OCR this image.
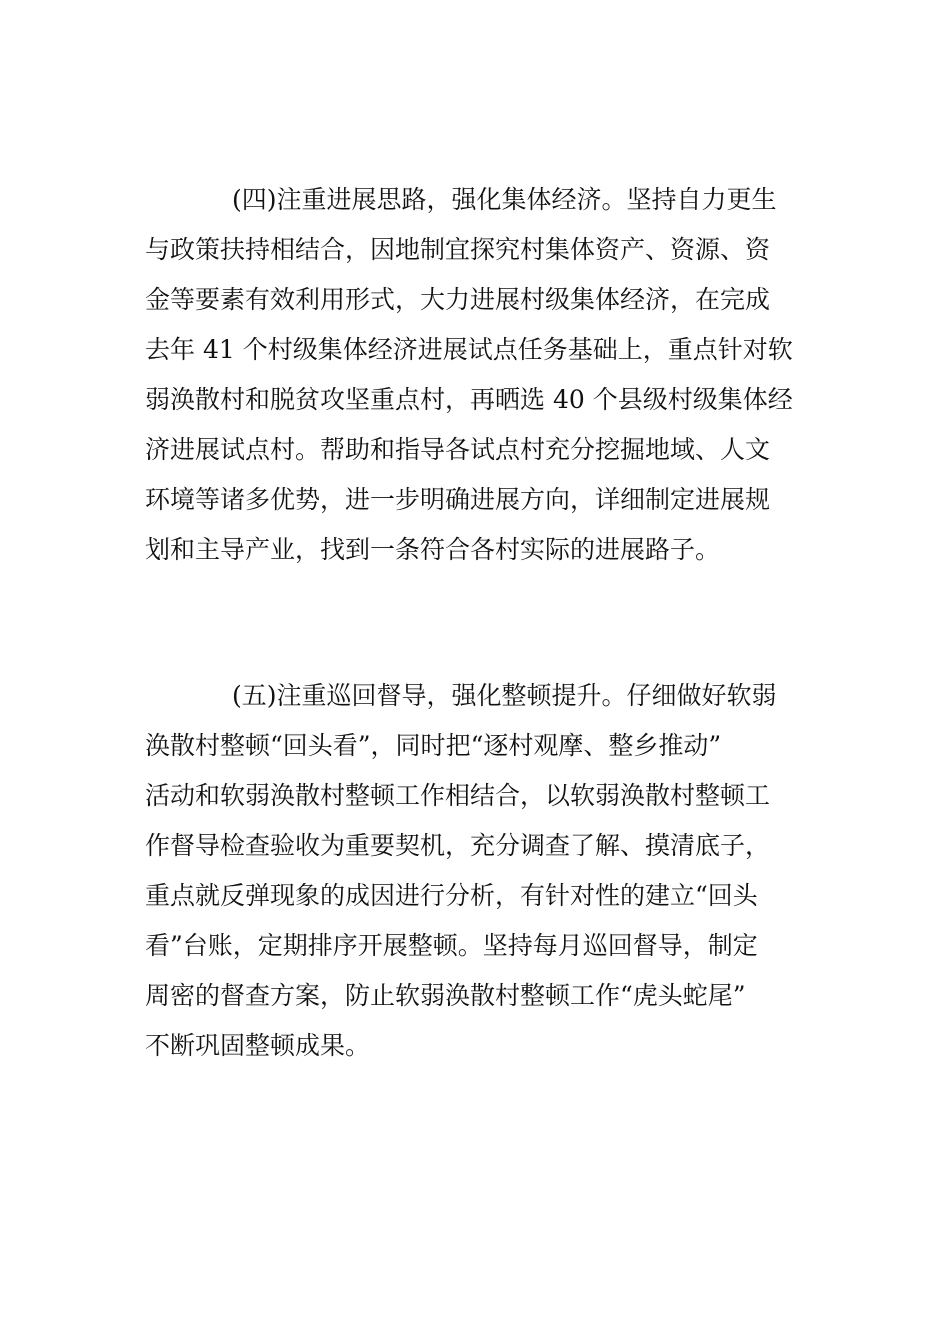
(四)注重进展思路，强化集体经济。坚持自力更生
与政策扶持相结合，因地制宜探究村集体资产、资源、资
金等要素有效利用形式，大力进展村级集体经济，在完成
去年 41 个村级集体经济进展试点任务基础上，重点针对软
弱涣散村和脱贫攻坚重点村，再晒选 40 个县级村级集体经
济进展试点村。帮助和指导各试点村充分挖掘地域、人文
环境等诸多优势，进一步明确进展方向，详细制定进展规
划和主导产业，找到一条符合各村实际的进展路子。
(五)注重巡回督导，强化整顿提升。仔细做好软弱
涣散村整顿“回头看”，同时把“逐村观摩、整乡推动”
活动和软弱涣散村整顿工作相结合，以软弱涣散村整顿工
作督导检查验收为重要契机，充分调查了解、摸清底子，
重点就反弹现象的成因进行分析，有针对性的建立“回头
看”台账，定期排序开展整顿。坚持每月巡回督导，制定
周密的督查方案，防止软弱涣散村整顿工作“虎头蛇尾”
不断巩固整顿成果。
